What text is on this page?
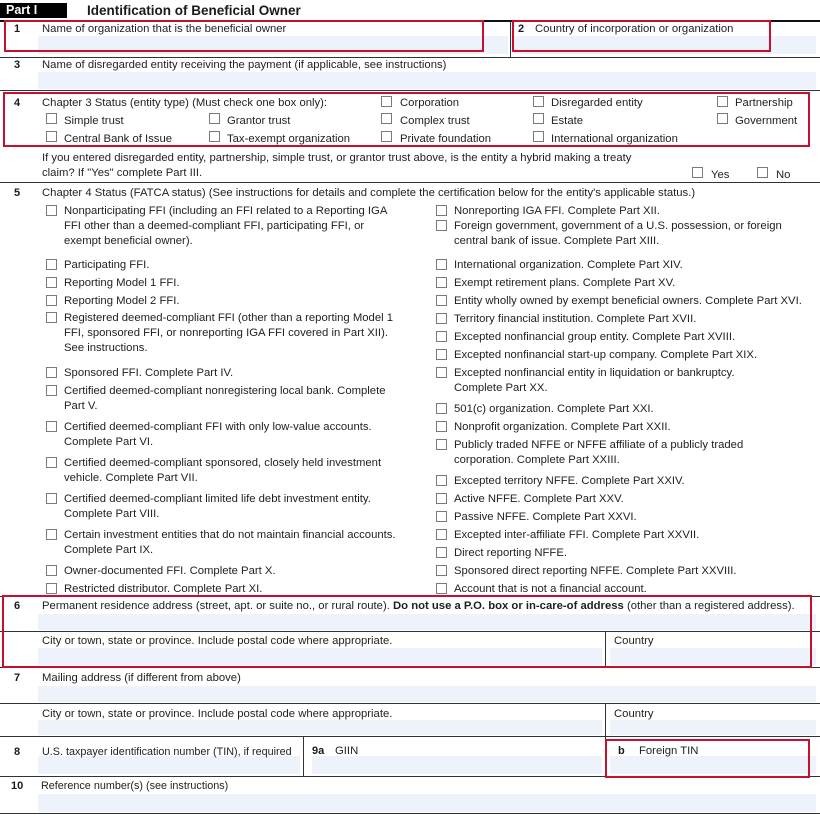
Part I	Identification of Beneficial Owner
1 Name of organization that is the beneficial owner	2 Country of incorporation or organization
3 Name of disregarded entity receiving the payment (if applicable, see instructions)
4 Chapter 3 Status (entity type) (Must check one box only):	Corporation	Disregarded entity	Partnership
Simple trust	Grantor trust	Complex trust	Estate	Government
Central Bank of Issue	Tax-exempt organization	Private foundation	International organization
If you entered disregarded entity, partnership, simple trust, or grantor trust above, is the entity a hybrid making a treaty
claim? If "Yes" complete Part III.	Yes	No
5 Chapter 4 Status (FATCA status) (See instructions for details and complete the certification below for the entity's applicable status.)
Nonparticipating FFI (including an FFI related to a Reporting IGA
FFI other than a deemed-compliant FFI, participating FFI, or
exempt beneficial owner).
Participating FFI.
Reporting Model 1 FFI.
Reporting Model 2 FFI.
Registered deemed-compliant FFI (other than a reporting Model 1
FFI, sponsored FFI, or nonreporting IGA FFI covered in Part XII).
See instructions.
Sponsored FFI. Complete Part IV.
Certified deemed-compliant nonregistering local bank. Complete
Part V.
Certified deemed-compliant FFI with only low-value accounts.
Complete Part VI.
Certified deemed-compliant sponsored, closely held investment
vehicle. Complete Part VII.
Certified deemed-compliant limited life debt investment entity.
Complete Part VIII.
Certain investment entities that do not maintain financial accounts.
Complete Part IX.
Owner-documented FFI. Complete Part X.
Restricted distributor. Complete Part XI.
Nonreporting IGA FFI. Complete Part XII.
Foreign government, government of a U.S. possession, or foreign
central bank of issue. Complete Part XIII.
International organization. Complete Part XIV.
Exempt retirement plans. Complete Part XV.
Entity wholly owned by exempt beneficial owners. Complete Part XVI.
Territory financial institution. Complete Part XVII.
Excepted nonfinancial group entity. Complete Part XVIII.
Excepted nonfinancial start-up company. Complete Part XIX.
Excepted nonfinancial entity in liquidation or bankruptcy.
Complete Part XX.
501(c) organization. Complete Part XXI.
Nonprofit organization. Complete Part XXII.
Publicly traded NFFE or NFFE affiliate of a publicly traded
corporation. Complete Part XXIII.
Excepted territory NFFE. Complete Part XXIV.
Active NFFE. Complete Part XXV.
Passive NFFE. Complete Part XXVI.
Excepted inter-affiliate FFI. Complete Part XXVII.
Direct reporting NFFE.
Sponsored direct reporting NFFE. Complete Part XXVIII.
Account that is not a financial account.
6 Permanent residence address (street, apt. or suite no., or rural route). Do not use a P.O. box or in-care-of address (other than a registered address).
City or town, state or province. Include postal code where appropriate.	Country
7 Mailing address (if different from above)
City or town, state or province. Include postal code where appropriate.	Country
8 U.S. taxpayer identification number (TIN), if required 9a GIIN	b Foreign TIN
10 Reference number(s) (see instructions)
